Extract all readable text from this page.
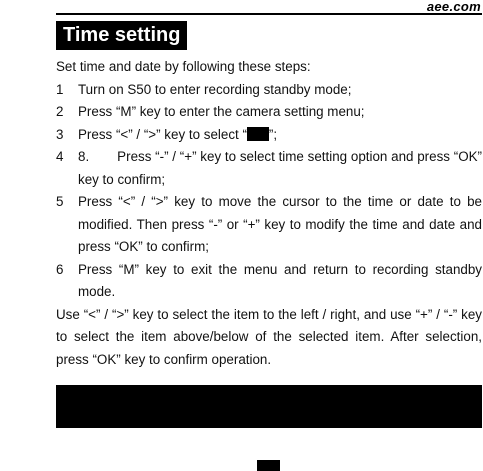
aee.com
Time setting

Set time and date by following these steps:

1	Turn on S50 to enter recording standby mode;
2	Press “M” key to enter the camera setting menu;
3	Press “<” / “>” key to select “ ”;
4	8. Press “-” / “+” key to select time setting option and press “OK” key to confirm;
5	Press “<” / “>” key to move the cursor to the time or date to be modified. Then press “-” or “+” key to modify the time and date and press “OK” to confirm;
6	Press “M” key to exit the menu and return to recording standby mode.

Use “<” / “>” key to select the item to the left / right, and use “+” / “-” key to select the item above/below of the selected item. After selection, press “OK” key to confirm operation.
